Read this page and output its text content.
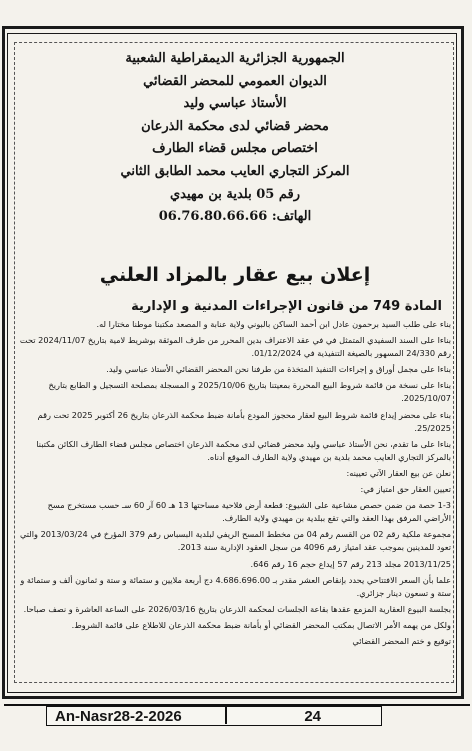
الجمهورية الجزائرية الديمقراطية الشعبية
الديوان العمومي للمحضر القضائي
الأستاذ عباسي وليد
محضر قضائي لدى محكمة الذرعان
اختصاص مجلس قضاء الطارف
المركز التجاري العايب محمد الطابق الثاني
رقم 05 بلدية بن مهيدي
الهاتف: 06.76.80.66.66
إعلان بيع عقار بالمزاد العلني
المادة 749 من قانون الإجراءات المدنية و الإدارية

بناء على طلب السيد برحمون عادل ابن أحمد الساكن بالبوني ولاية عنابة و المصعد مكتبنا موطنا مختارا له.

بناءا على السند السفيدي المتمثل في في عقد الاعتراف بدين المحرر من طرف الموثقة بوشريط لامية بتاريخ 2024/11/07 تحت رقم 24/330 المسهور بالصيغة التنفيذية في 01/12/2024.

بناءا على مجمل أوراق و إجراءات التنفيذ المتخذة من طرفنا نحن المحضر القضائي الأستاذ عباسي وليد.

بناءا على نسخة من قائمة شروط البيع المحررة بمعيتنا بتاريخ 2025/10/06 و المسجلة بمصلحة التسجيل و الطابع بتاريخ 2025/10/07.

بناء على محضر إيداع قائمة شروط البيع لعقار محجوز المودع بأمانة ضبط محكمة الذرعان بتاريخ 26 أكتوبر 2025 تحت رقم 25/2025.

بناءا على ما تقدم، نحن الأستاذ عباسي وليد محضر قضائي لدى محكمة الذرعان اختصاص مجلس قضاء الطارف الكائن مكتبنا بالمركز التجاري العايب محمد بلدية بن مهيدي ولاية الطارف الموقع أدناه.

نعلن عن بيع العقار الآتي تعيينه:

تعيين العقار حق امتياز في:

1-3 حصة من ضمن حصص مشاعية على الشيوع: قطعة أرض فلاحية مساحتها 13 هـ 60 آر 60 سـ حسب مستخرج مسح الأراضي المرفق بهذا العقد والتي تقع ببلدية بن مهيدي ولاية الطارف.

مجموعة ملكية رقم 02 من القسم رقم 04 من مخطط المسح الريفي لبلدية البسباس رقم 379 المؤرخ في 2013/03/24 والتي تعود للمدينين بموجب عقد امتياز رقم 4096 من سجل العقود الإدارية سنة 2013.

2013/11/25 مجلد 213 رقم 57 إيداع حجم 16 رقم 646.

علما بأن السعر الافتتاحي يحدد بإنقاص العشر مقدر بـ 4.686.696.00 دج أربعة ملايين و ستمائة و ستة و ثمانون ألف و ستمائة و ستة و تسعون دينار جزائري.

بجلسة البيوع العقارية المزمع عقدها بقاعة الجلسات لمحكمة الذرعان بتاريخ 2026/03/16 على الساعة العاشرة و نصف صباحا.

ولكل من يهمه الأمر الاتصال بمكتب المحضر القضائي أو بأمانة ضبط محكمة الذرعان للاطلاع على قائمة الشروط.

توقيع و ختم المحضر القضائي

An-Nasr28-2-2026	24
